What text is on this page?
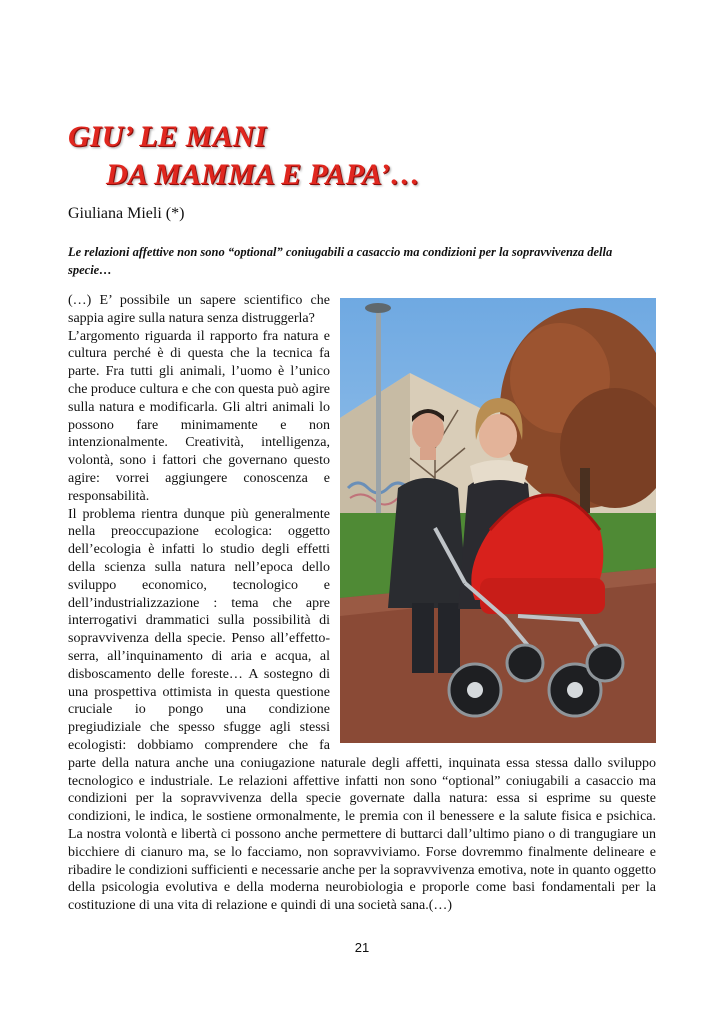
GIU’ LE MANI
DA MAMMA E PAPA’…
Giuliana Mieli (*)

Le relazioni affettive non sono “optional” coniugabili a casaccio ma condizioni per la sopravvivenza della specie…

(…) E’ possibile un sapere scientifico che sappia agire sulla natura senza distruggerla?

L’argomento riguarda il rapporto fra natura e cultura perché è di questa che la tecnica fa parte. Fra tutti gli animali, l’uomo è l’unico che produce cultura e che con questa può agire sulla natura e modificarla. Gli altri animali lo possono fare minimamente e non intenzionalmente. Creatività, intelligenza, volontà, sono i fattori che governano questo agire: vorrei aggiungere conoscenza e responsabilità.

Il problema rientra dunque più generalmente nella preoccupazione ecologica: oggetto dell’ecologia è infatti lo studio degli effetti della scienza sulla natura nell’epoca dello sviluppo economico, tecnologico e dell’industrializzazione : tema che apre interrogativi drammatici sulla possibilità di sopravvivenza della specie. Penso all’effetto-serra, all’inquinamento di aria e acqua, al disboscamento delle foreste… A sostegno di una prospettiva ottimista in questa questione cruciale io pongo una condizione pregiudiziale che spesso sfugge agli stessi ecologisti: dobbiamo comprendere che fa parte della natura anche una coniugazione naturale degli affetti, inquinata essa stessa dallo sviluppo tecnologico e industriale. Le relazioni affettive infatti non sono “optional” coniugabili a casaccio ma condizioni per la sopravvivenza della specie governate dalla natura: essa si esprime su queste condizioni, le indica, le sostiene ormonalmente, le premia con il benessere e la salute fisica e psichica. La nostra volontà e libertà ci possono anche permettere di buttarci dall’ultimo piano o di trangugiare un bicchiere di cianuro ma, se lo facciamo, non sopravviviamo. Forse dovremmo finalmente delineare e ribadire le condizioni sufficienti e necessarie anche per la sopravvivenza emotiva, note in quanto oggetto della psicologia evolutiva e della moderna neurobiologia e proporle come basi fondamentali per la costituzione di una vita di relazione e quindi di una società sana.(…)

21
